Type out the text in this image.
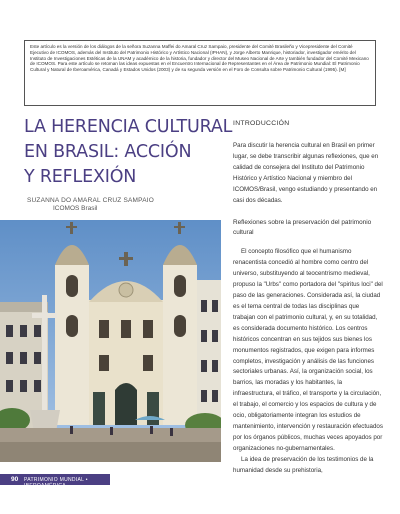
Este artículo es la versión de los diálogos de la señora Suzanna Maffei do Amaral Cruz Sampaio, presidente del Comité Brasileño y Vicepresidente del Comité Ejecutivo de ICOMOS, además del Instituto del Patrimonio Histórico y Artístico Nacional (IPHAN), y Jorge Alberto Manrique, historiador, investigador emérito del Instituto de Investigaciones Estéticas de la UNAM y académico de la historia, fundador y director del Museo Nacional de Arte y también fundador del Comité Mexicano de ICOMOS. Para este artículo se retoman las ideas expuestas en el Encuentro Internacional de Representantes en el Área de Patrimonio Mundial: El Patrimonio Cultural y Natural de Iberoamérica, Canadá y Estados Unidos (2003) y de su segunda versión en el Foro de Consulta sobre Patrimonio Cultural (1995). [M]

LA HERENCIA CULTURAL
EN BRASIL: ACCIÓN
Y REFLEXIÓN
SUZANNA DO AMARAL CRUZ SAMPAIO
ICOMOS Brasil
INTRODUCCIÓN

Para discutir la herencia cultural en Brasil en primer lugar, se debe transcribir algunas reflexiones, que en calidad de consejera del Instituto del Patrimonio Histórico y Artístico Nacional y miembro del ICOMOS/Brasil, vengo estudiando y presentando en casi dos décadas.

Reflexiones sobre la preservación del patrimonio cultural

El concepto filosófico que el humanismo renacentista concedió al hombre como centro del universo, substituyendo al teocentrismo medieval, propuso la "Urbs" como portadora del "spiritus loci" del paso de las generaciones. Considerada así, la ciudad es el tema central de todas las disciplinas que trabajan con el patrimonio cultural, y, en su totalidad, es considerada documento histórico. Los centros históricos concentran en sus tejidos sus bienes los monumentos registrados, que exigen para informes completos, investigación y análisis de las funciones sectoriales urbanas. Así, la organización social, los barrios, las moradas y los habitantes, la infraestructura, el tráfico, el transporte y la circulación, el trabajo, el comercio y los espacios de cultura y de ocio, obligatoriamente integran los estudios de mantenimiento, intervención y restauración efectuados por los órganos públicos, muchas veces apoyados por organizaciones no-gubernamentales.

La idea de preservación de los testimonios de la humanidad desde su prehistoria,

90 PATRIMONIO MUNDIAL • IBEROAMÉRICA
